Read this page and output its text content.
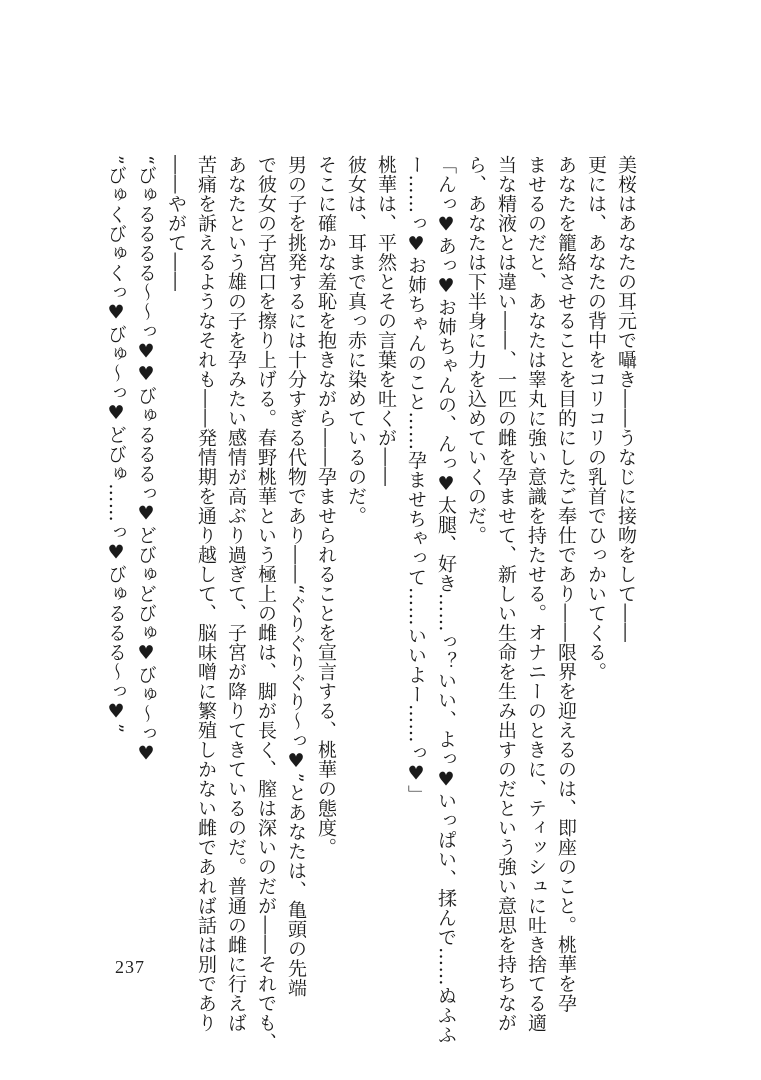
美桜はあなたの耳元で囁き――うなじに接吻をして――
更には、あなたの背中をコリコリの乳首でひっかいてくる。
あなたを籠絡させることを目的にしたご奉仕であり――限界を迎えるのは、即座のこと。桃華を孕
ませるのだと、あなたは睾丸に強い意識を持たせる。オナニーのときに、ティッシュに吐き捨てる適
当な精液とは違い――、一匹の雌を孕ませて、新しい生命を生み出すのだという強い意思を持ちなが
ら、あなたは下半身に力を込めていくのだ。
「んっ♥あっ♥お姉ちゃんの、んっ♥太腿、好き……っ？いい、よっ♥いっぱい、揉んで……ぬふふ
ー……っ♥お姉ちゃんのこと……孕ませちゃって……いいよー……っ♥」
桃華は、平然とその言葉を吐くが――
彼女は、耳まで真っ赤に染めているのだ。
そこに確かな羞恥を抱きながら――孕ませられることを宣言する、桃華の態度。
男の子を挑発するには十分すぎる代物であり――“ぐりぐりぐり～っ♥”とあなたは、亀頭の先端
で彼女の子宮口を擦り上げる。春野桃華という極上の雌は、脚が長く、膣は深いのだが――それでも、
あなたという雄の子を孕みたい感情が高ぶり過ぎて、子宮が降りてきているのだ。普通の雌に行えば
苦痛を訴えるようなそれも――発情期を通り越して、脳味噌に繁殖しかない雌であれば話は別であり
――やがて――
“びゅるるるる～～っ♥♥びゅるるるっ♥どびゅどびゅ♥びゅ～っ♥
”びゅくびゅくっ♥びゅ～っ♥どびゅ……っ♥びゅるるる～っ♥”
237
